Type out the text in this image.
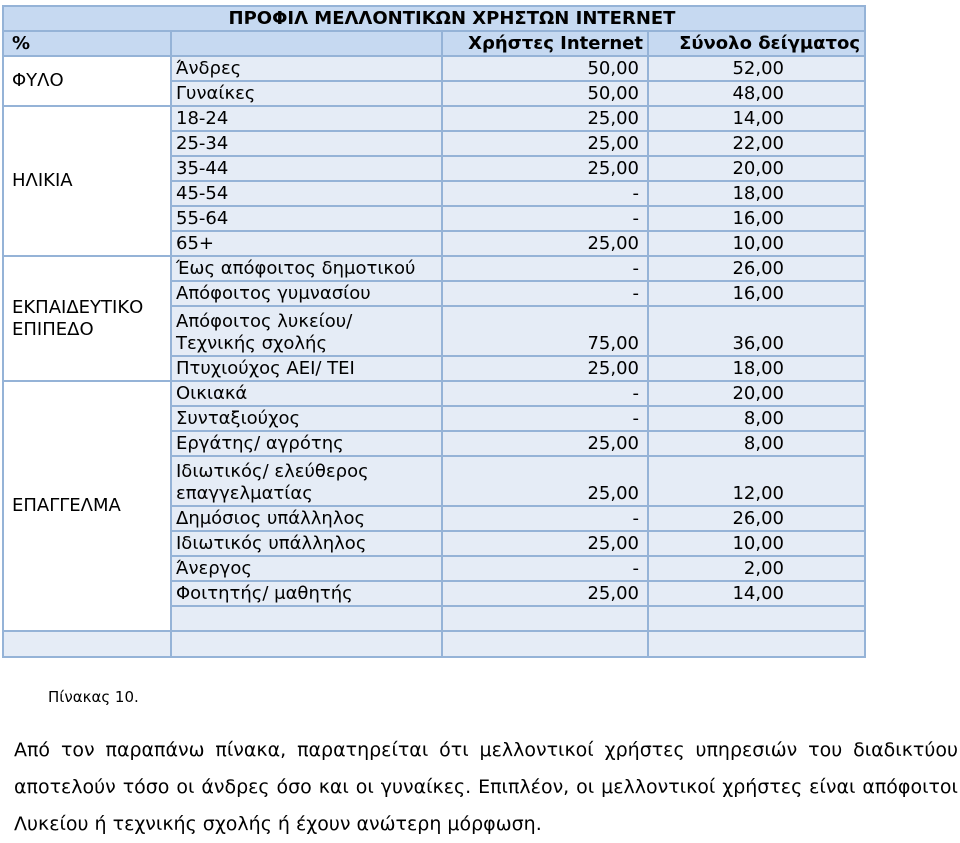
ΠΡΟΦΙΛ ΜΕΛΛΟΝΤΙΚΩΝ ΧΡΗΣΤΩΝ INTERNET				
%		Χρήστες Internet	Σύνολο δείγματος	
ΦΥΛΟ	Άνδρες	50,00	52,00	
	Γυναίκες	50,00	48,00	
ΗΛΙΚΙΑ	18-24	25,00	14,00	
	25-34	25,00	22,00	
	35-44	25,00	20,00	
	45-54	-	18,00	
	55-64	-	16,00	
	65+	25,00	10,00	
ΕΚΠΑΙΔΕΥΤΙΚΟ ΕΠΙΠΕΔΟ	Έως απόφοιτος δημοτικού	-	26,00	
	Απόφοιτος γυμνασίου	-	16,00	
	Απόφοιτος λυκείου/ Τεχνικής σχολής	75,00	36,00	
	Πτυχιούχος ΑΕΙ/ ΤΕΙ	25,00	18,00	
ΕΠΑΓΓΕΛΜΑ	Οικιακά	-	20,00	
	Συνταξιούχος	-	8,00	
	Εργάτης/ αγρότης	25,00	8,00	
	Ιδιωτικός/ ελεύθερος επαγγελματίας	25,00	12,00	
	Δημόσιος υπάλληλος	-	26,00	
	Ιδιωτικός υπάλληλος	25,00	10,00	
	Άνεργος	-	2,00	
	Φοιτητής/ μαθητής	25,00	14,00	

Πίνακας 10.
Από τον παραπάνω πίνακα, παρατηρείται ότι μελλοντικοί χρήστες υπηρεσιών του διαδικτύου
αποτελούν τόσο οι άνδρες όσο και οι γυναίκες. Επιπλέον, οι μελλοντικοί χρήστες είναι απόφοιτοι
Λυκείου ή τεχνικής σχολής ή έχουν ανώτερη μόρφωση.
